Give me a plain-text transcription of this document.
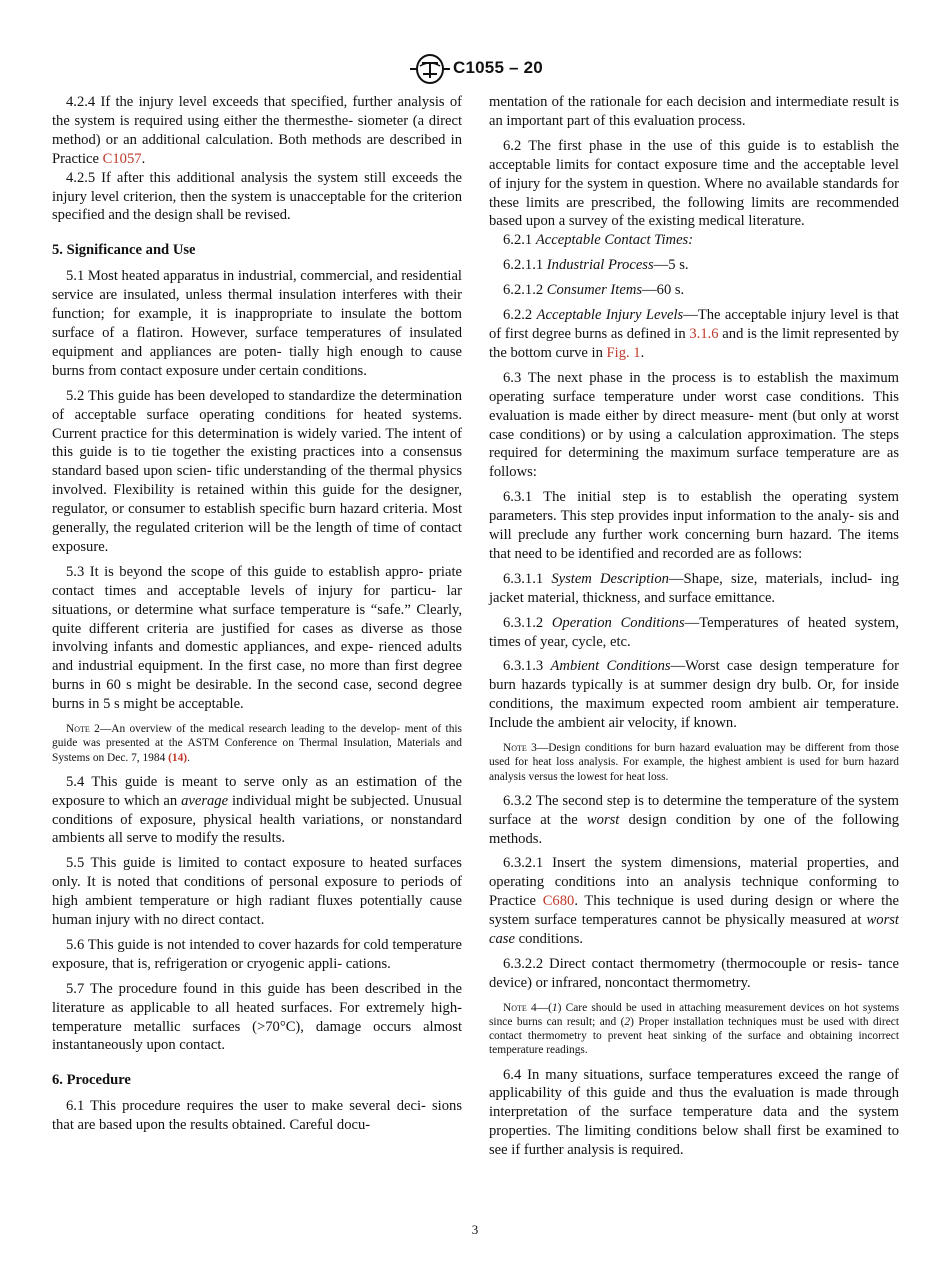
C1055 – 20

4.2.4 If the injury level exceeds that specified, further analysis of the system is required using either the thermesthe- siometer (a direct method) or an additional calculation. Both methods are described in Practice C1057.

4.2.5 If after this additional analysis the system still exceeds the injury level criterion, then the system is unacceptable for the criterion specified and the design shall be revised.

5. Significance and Use

5.1 Most heated apparatus in industrial, commercial, and residential service are insulated, unless thermal insulation interferes with their function; for example, it is inappropriate to insulate the bottom surface of a flatiron. However, surface temperatures of insulated equipment and appliances are poten- tially high enough to cause burns from contact exposure under certain conditions.

5.2 This guide has been developed to standardize the determination of acceptable surface operating conditions for heated systems. Current practice for this determination is widely varied. The intent of this guide is to tie together the existing practices into a consensus standard based upon scien- tific understanding of the thermal physics involved. Flexibility is retained within this guide for the designer, regulator, or consumer to establish specific burn hazard criteria. Most generally, the regulated criterion will be the length of time of contact exposure.

5.3 It is beyond the scope of this guide to establish appro- priate contact times and acceptable levels of injury for particu- lar situations, or determine what surface temperature is “safe.” Clearly, quite different criteria are justified for cases as diverse as those involving infants and domestic appliances, and expe- rienced adults and industrial equipment. In the first case, no more than first degree burns in 60 s might be desirable. In the second case, second degree burns in 5 s might be acceptable.

Note 2—An overview of the medical research leading to the develop- ment of this guide was presented at the ASTM Conference on Thermal Insulation, Materials and Systems on Dec. 7, 1984 (14).

5.4 This guide is meant to serve only as an estimation of the exposure to which an average individual might be subjected. Unusual conditions of exposure, physical health variations, or nonstandard ambients all serve to modify the results.

5.5 This guide is limited to contact exposure to heated surfaces only. It is noted that conditions of personal exposure to periods of high ambient temperature or high radiant fluxes potentially cause human injury with no direct contact.

5.6 This guide is not intended to cover hazards for cold temperature exposure, that is, refrigeration or cryogenic appli- cations.

5.7 The procedure found in this guide has been described in the literature as applicable to all heated surfaces. For extremely high-temperature metallic surfaces (>70°C), damage occurs almost instantaneously upon contact.

6. Procedure

6.1 This procedure requires the user to make several deci- sions that are based upon the results obtained. Careful docu-

mentation of the rationale for each decision and intermediate result is an important part of this evaluation process.

6.2 The first phase in the use of this guide is to establish the acceptable limits for contact exposure time and the acceptable level of injury for the system in question. Where no available standards for these limits are prescribed, the following limits are recommended based upon a survey of the existing medical literature.

6.2.1 Acceptable Contact Times:

6.2.1.1 Industrial Process—5 s.

6.2.1.2 Consumer Items—60 s.

6.2.2 Acceptable Injury Levels—The acceptable injury level is that of first degree burns as defined in 3.1.6 and is the limit represented by the bottom curve in Fig. 1.

6.3 The next phase in the process is to establish the maximum operating surface temperature under worst case conditions. This evaluation is made either by direct measure- ment (but only at worst case conditions) or by using a calculation approximation. The steps required for determining the maximum surface temperature are as follows:

6.3.1 The initial step is to establish the operating system parameters. This step provides input information to the analy- sis and will preclude any further work concerning burn hazard. The items that need to be identified and recorded are as follows:

6.3.1.1 System Description—Shape, size, materials, includ- ing jacket material, thickness, and surface emittance.

6.3.1.2 Operation Conditions—Temperatures of heated system, times of year, cycle, etc.

6.3.1.3 Ambient Conditions—Worst case design temperature for burn hazards typically is at summer design dry bulb. Or, for inside conditions, the maximum expected room ambient air temperature. Include the ambient air velocity, if known.

Note 3—Design conditions for burn hazard evaluation may be different from those used for heat loss analysis. For example, the highest ambient is used for burn hazard analysis versus the lowest for heat loss.

6.3.2 The second step is to determine the temperature of the system surface at the worst design condition by one of the following methods.

6.3.2.1 Insert the system dimensions, material properties, and operating conditions into an analysis technique conforming to Practice C680. This technique is used during design or where the system surface temperatures cannot be physically measured at worst case conditions.

6.3.2.2 Direct contact thermometry (thermocouple or resis- tance device) or infrared, noncontact thermometry.

Note 4—(1) Care should be used in attaching measurement devices on hot systems since burns can result; and (2) Proper installation techniques must be used with direct contact thermometry to prevent heat sinking of the surface and obtaining incorrect temperature readings.

6.4 In many situations, surface temperatures exceed the range of applicability of this guide and thus the evaluation is made through interpretation of the surface temperature data and the system properties. The limiting conditions below shall first be examined to see if further analysis is required.

3
